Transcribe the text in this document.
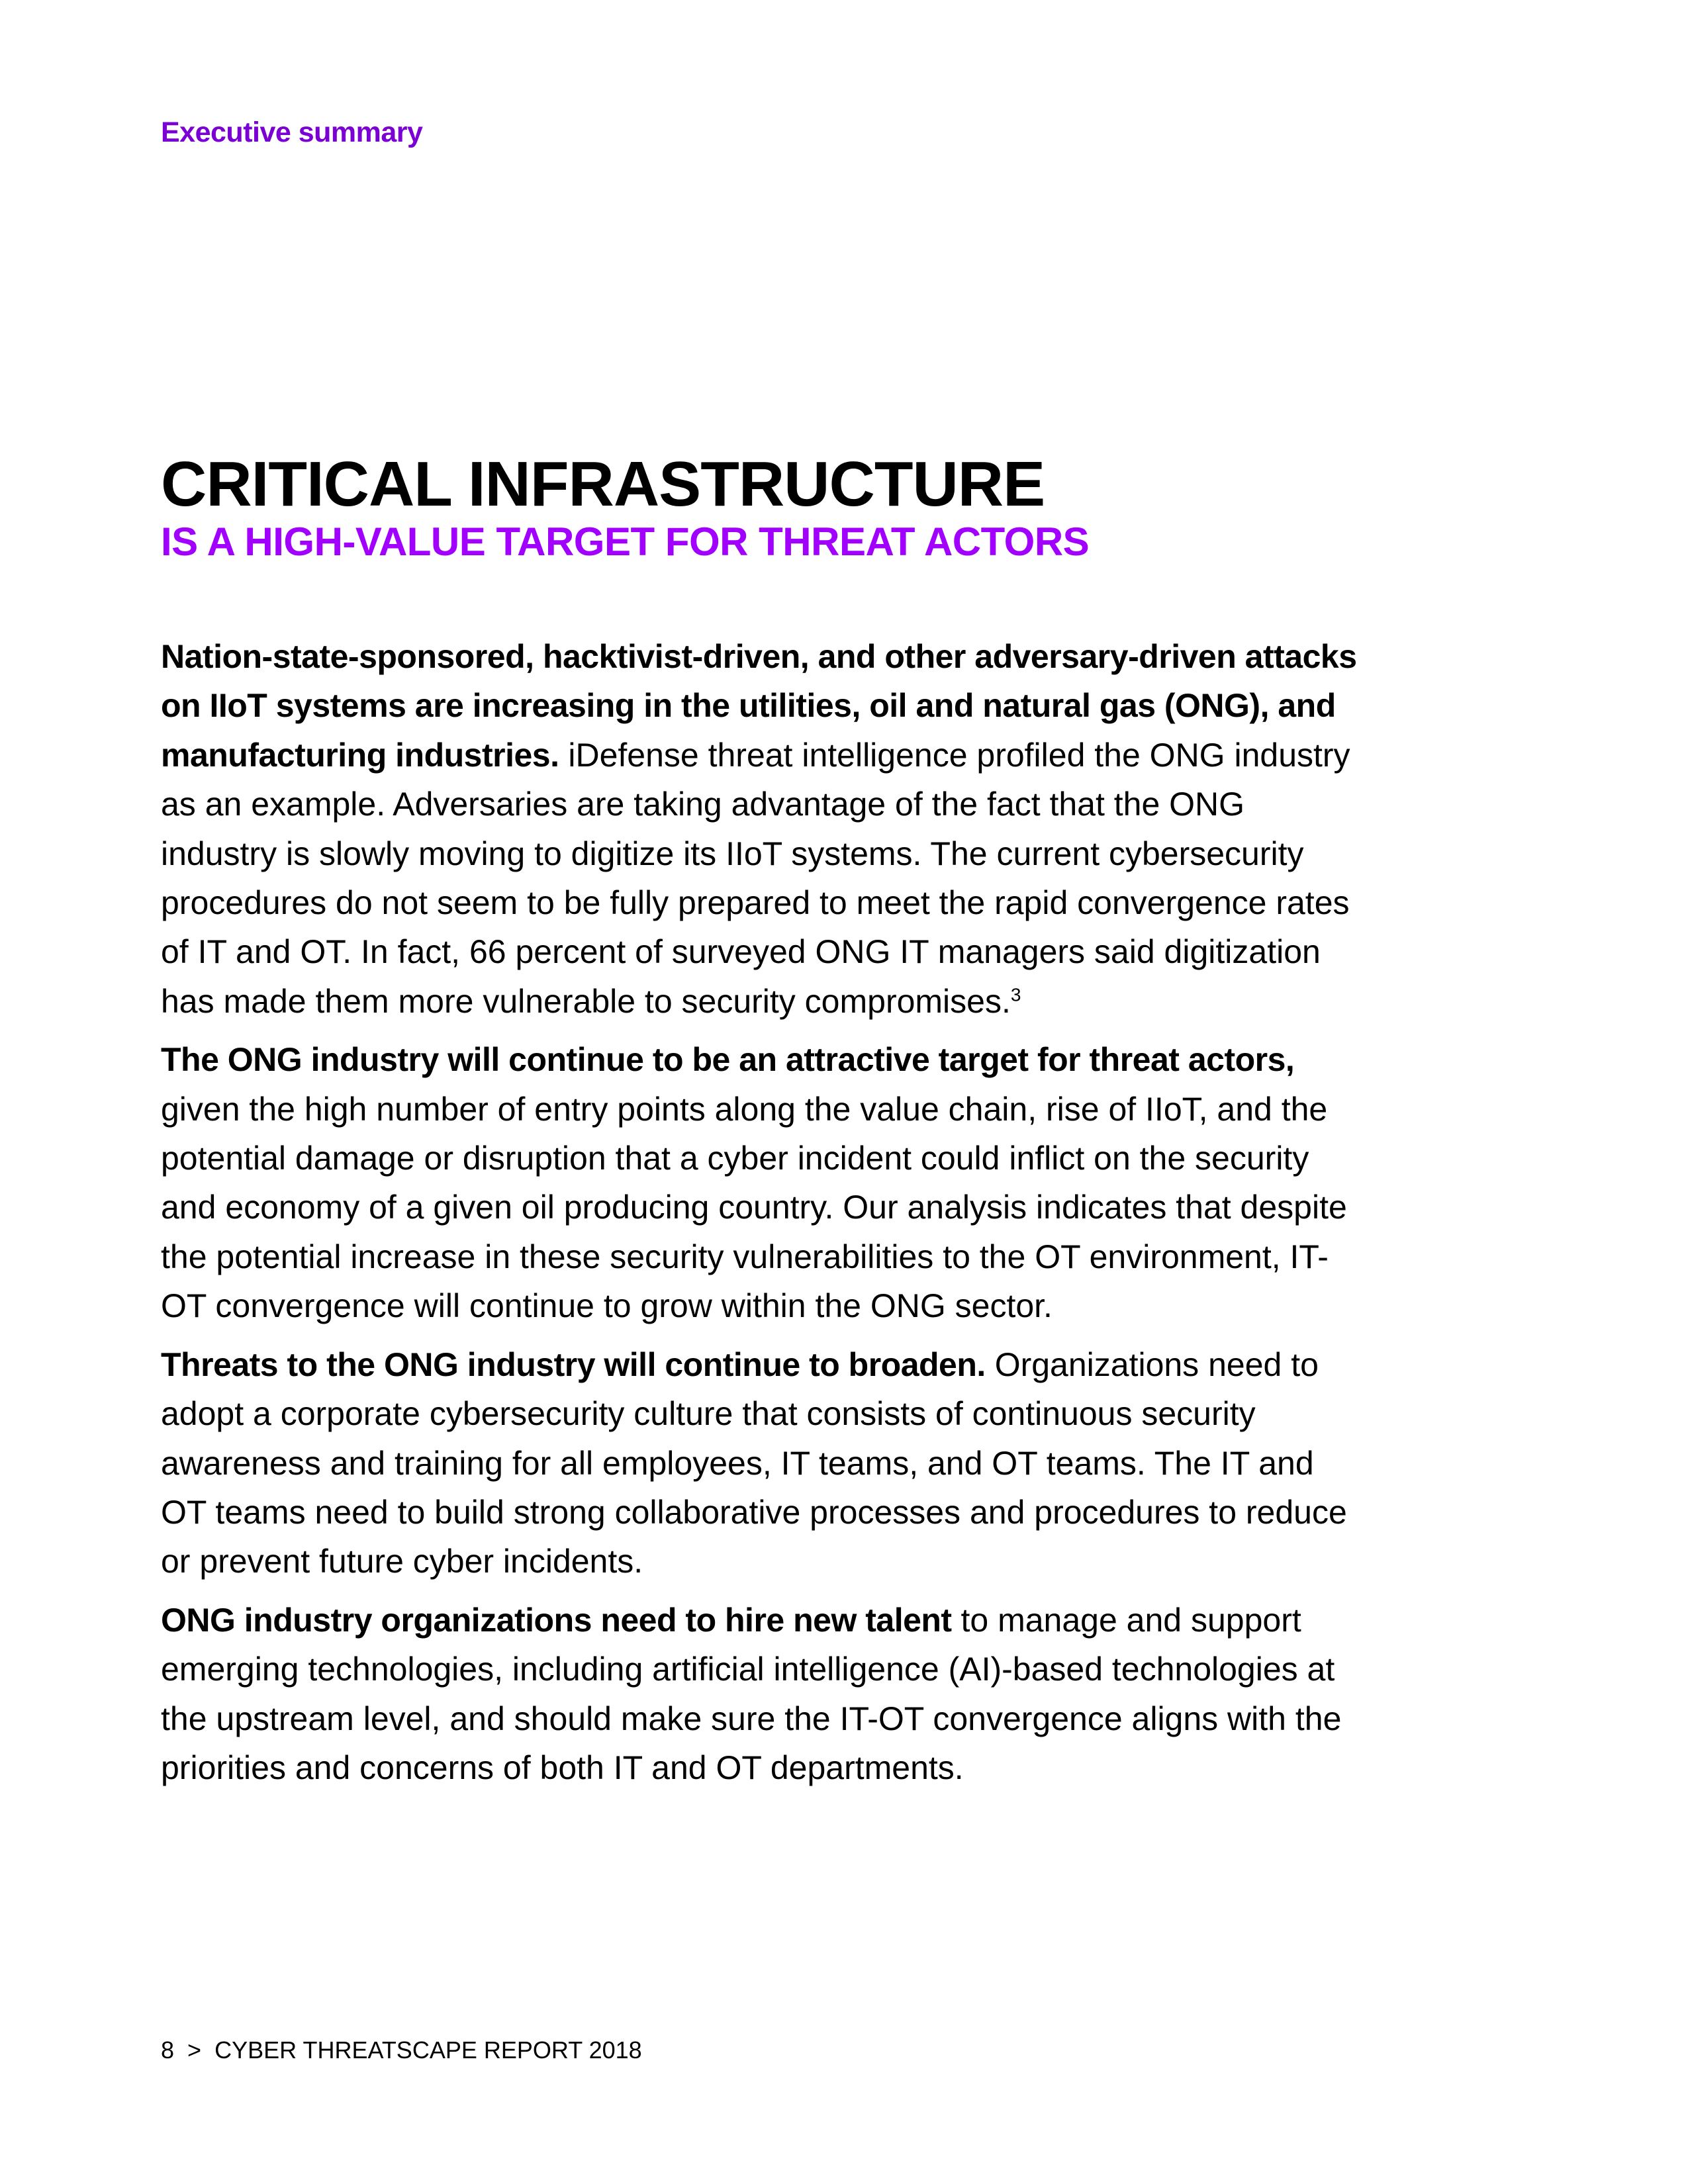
Executive summary
CRITICAL INFRASTRUCTURE
IS A HIGH-VALUE TARGET FOR THREAT ACTORS

Nation-state-sponsored, hacktivist-driven, and other adversary-driven attacks on IIoT systems are increasing in the utilities, oil and natural gas (ONG), and manufacturing industries. iDefense threat intelligence profiled the ONG industry as an example. Adversaries are taking advantage of the fact that the ONG industry is slowly moving to digitize its IIoT systems. The current cybersecurity procedures do not seem to be fully prepared to meet the rapid convergence rates of IT and OT. In fact, 66 percent of surveyed ONG IT managers said digitization has made them more vulnerable to security compromises.$^3$

The ONG industry will continue to be an attractive target for threat actors, given the high number of entry points along the value chain, rise of IIoT, and the potential damage or disruption that a cyber incident could inflict on the security and economy of a given oil producing country. Our analysis indicates that despite the potential increase in these security vulnerabilities to the OT environment, IT-OT convergence will continue to grow within the ONG sector.

Threats to the ONG industry will continue to broaden. Organizations need to adopt a corporate cybersecurity culture that consists of continuous security awareness and training for all employees, IT teams, and OT teams. The IT and OT teams need to build strong collaborative processes and procedures to reduce or prevent future cyber incidents.

ONG industry organizations need to hire new talent to manage and support emerging technologies, including artificial intelligence (AI)-based technologies at the upstream level, and should make sure the IT-OT convergence aligns with the priorities and concerns of both IT and OT departments.

8 > CYBER THREATSCAPE REPORT 2018
